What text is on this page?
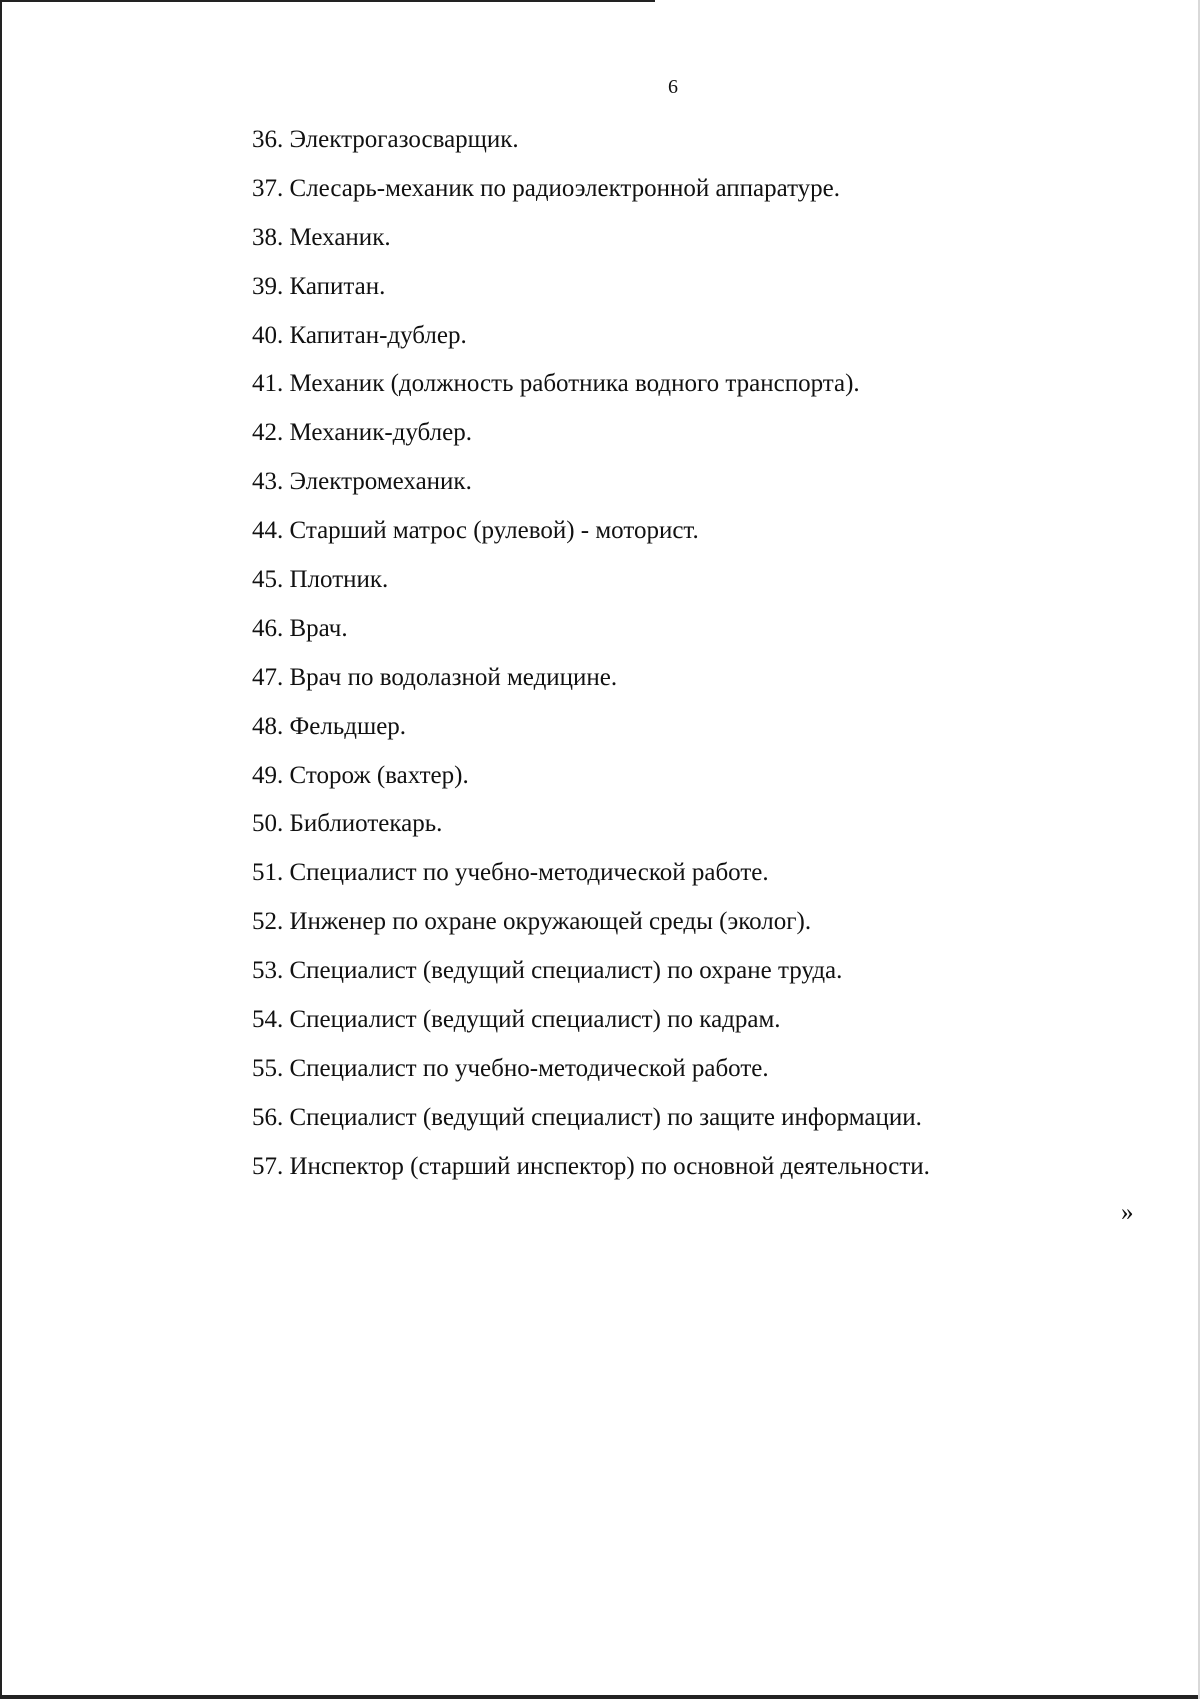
6
36. Электрогазосварщик.
37. Слесарь-механик по радиоэлектронной аппаратуре.
38. Механик.
39. Капитан.
40. Капитан-дублер.
41. Механик (должность работника водного транспорта).
42. Механик-дублер.
43. Электромеханик.
44. Старший матрос (рулевой) - моторист.
45. Плотник.
46. Врач.
47. Врач по водолазной медицине.
48. Фельдшер.
49. Сторож (вахтер).
50. Библиотекарь.
51. Специалист по учебно-методической работе.
52. Инженер по охране окружающей среды (эколог).
53. Специалист (ведущий специалист) по охране труда.
54. Специалист (ведущий специалист) по кадрам.
55. Специалист по учебно-методической работе.
56. Специалист (ведущий специалист) по защите информации.
57. Инспектор (старший инспектор) по основной деятельности.
»
